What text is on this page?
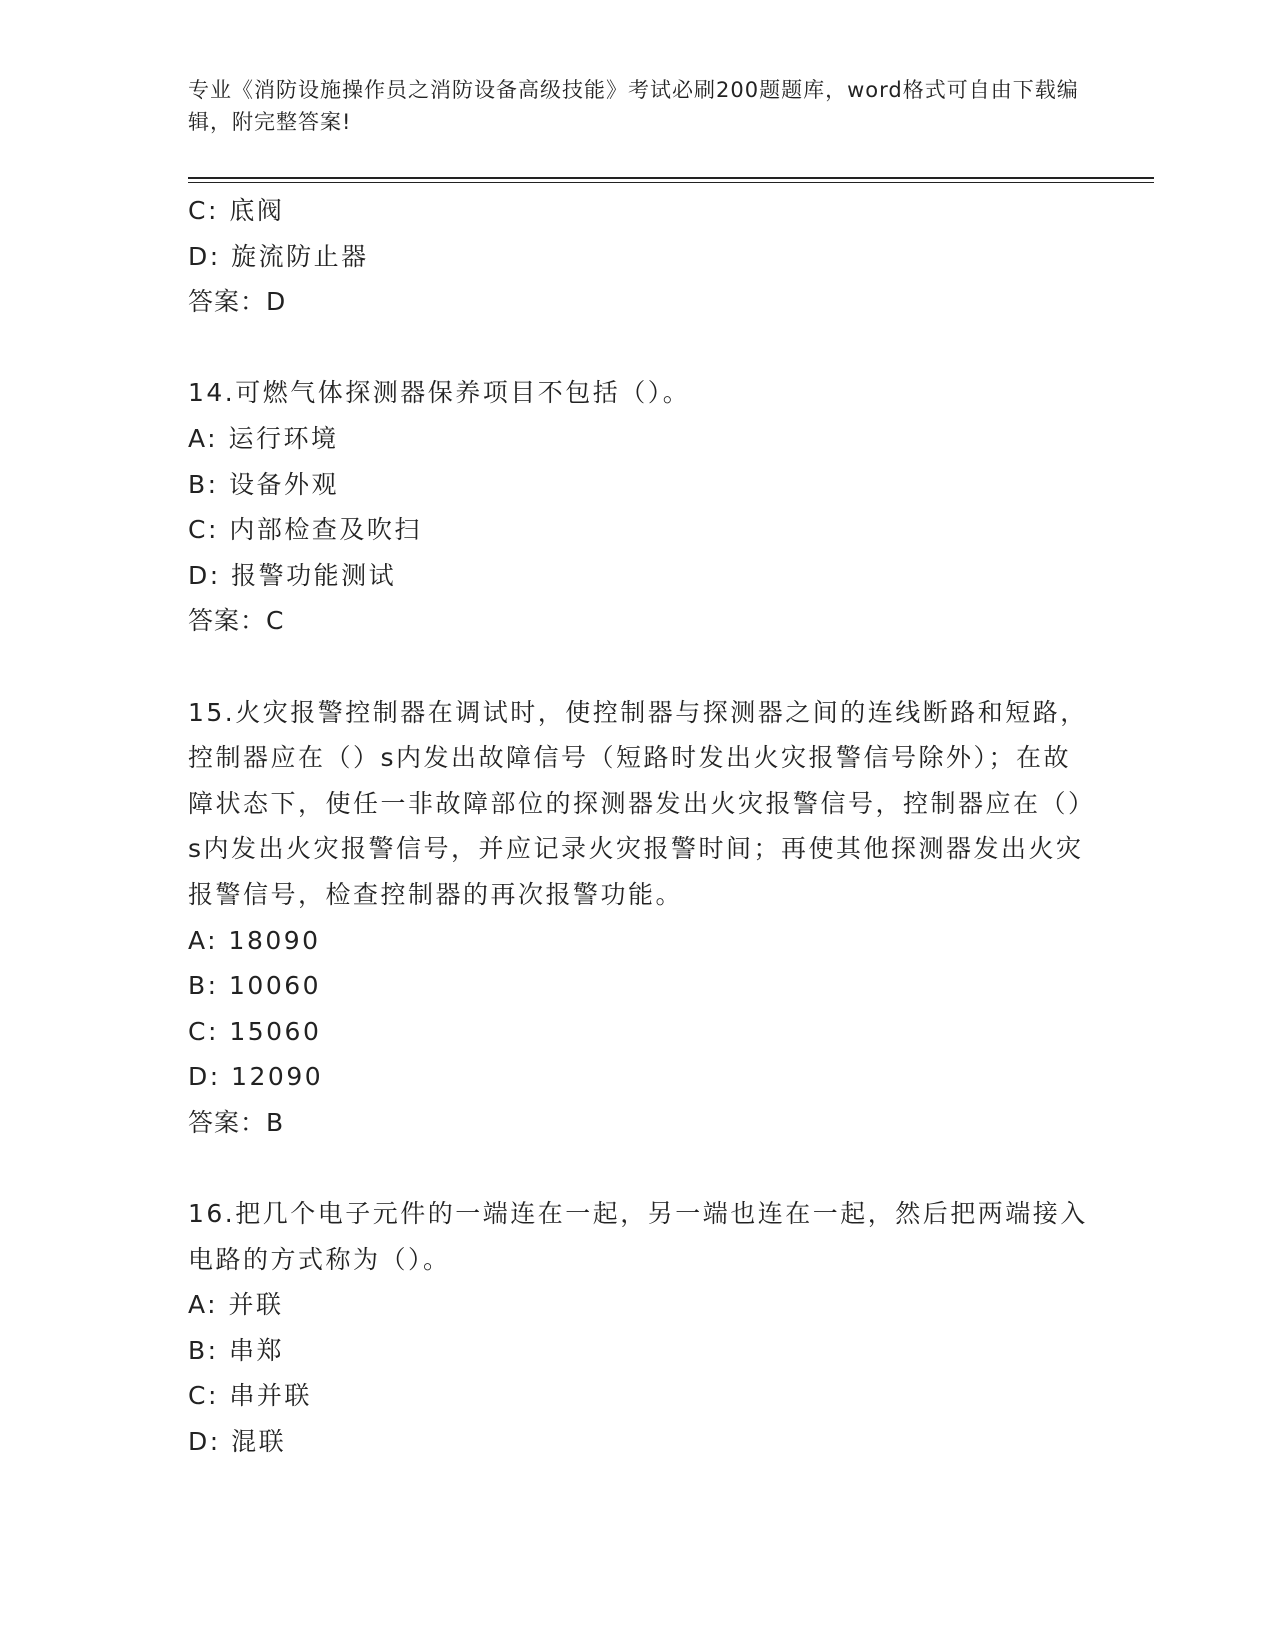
专业《消防设施操作员之消防设备高级技能》考试必刷200题题库，word格式可自由下载编辑，附完整答案!
C: 底阀
D: 旋流防止器
答案：D
14.可燃气体探测器保养项目不包括（）。
A: 运行环境
B: 设备外观
C: 内部检查及吹扫
D: 报警功能测试
答案：C
15.火灾报警控制器在调试时，使控制器与探测器之间的连线断路和短路，控制器应在（）s内发出故障信号（短路时发出火灾报警信号除外）；在故障状态下，使任一非故障部位的探测器发出火灾报警信号，控制器应在（）s内发出火灾报警信号，并应记录火灾报警时间；再使其他探测器发出火灾报警信号，检查控制器的再次报警功能。
A: 18090
B: 10060
C: 15060
D: 12090
答案：B
16.把几个电子元件的一端连在一起，另一端也连在一起，然后把两端接入电路的方式称为（）。
A: 并联
B: 串郑
C: 串并联
D: 混联
